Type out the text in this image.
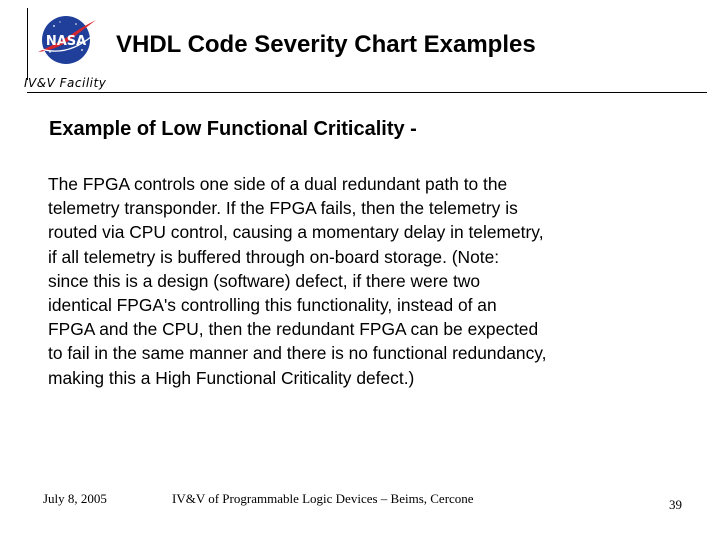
NASA
IV&V Facility
VHDL Code Severity Chart Examples
Example of Low Functional Criticality -
The FPGA controls one side of a dual redundant path to the
telemetry transponder. If the FPGA fails, then the telemetry is
routed via CPU control, causing a momentary delay in telemetry,
if all telemetry is buffered through on-board storage. (Note:
since this is a design (software) defect, if there were two
identical FPGA's controlling this functionality, instead of an
FPGA and the CPU, then the redundant FPGA can be expected
to fail in the same manner and there is no functional redundancy,
making this a High Functional Criticality defect.)
July 8, 2005	IV&V of Programmable Logic Devices – Beims, Cercone	39
